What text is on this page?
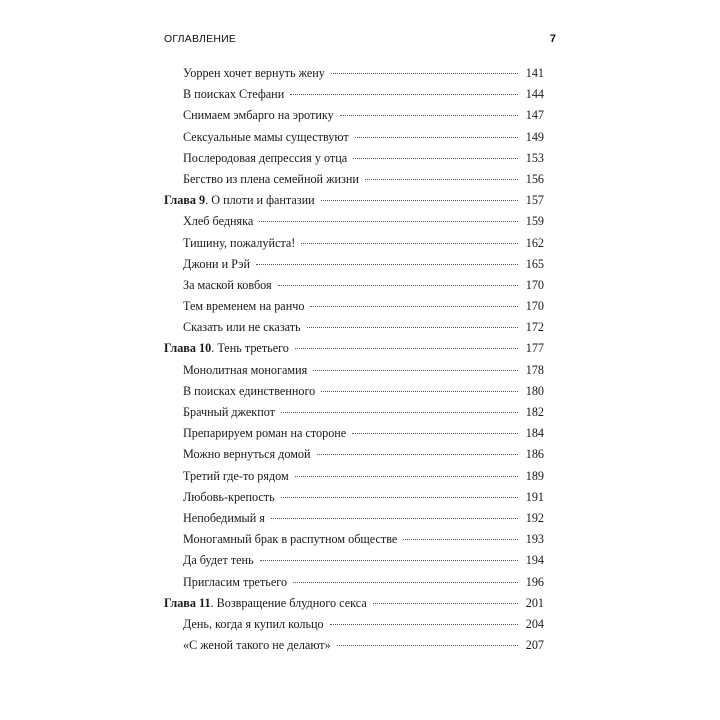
ОГЛАВЛЕНИЕ	7
Уоррен хочет вернуть жену	141
В поисках Стефани	144
Снимаем эмбарго на эротику	147
Сексуальные мамы существуют	149
Послеродовая депрессия у отца	153
Бегство из плена семейной жизни	156
Глава 9. О плоти и фантазии	157
Хлеб бедняка	159
Тишину, пожалуйста!	162
Джони и Рэй	165
За маской ковбоя	170
Тем временем на ранчо	170
Сказать или не сказать	172
Глава 10. Тень третьего	177
Монолитная моногамия	178
В поисках единственного	180
Брачный джекпот	182
Препарируем роман на стороне	184
Можно вернуться домой	186
Третий где-то рядом	189
Любовь-крепость	191
Непобедимый я	192
Моногамный брак в распутном обществе	193
Да будет тень	194
Пригласим третьего	196
Глава 11. Возвращение блудного секса	201
День, когда я купил кольцо	204
«С женой такого не делают»	207
